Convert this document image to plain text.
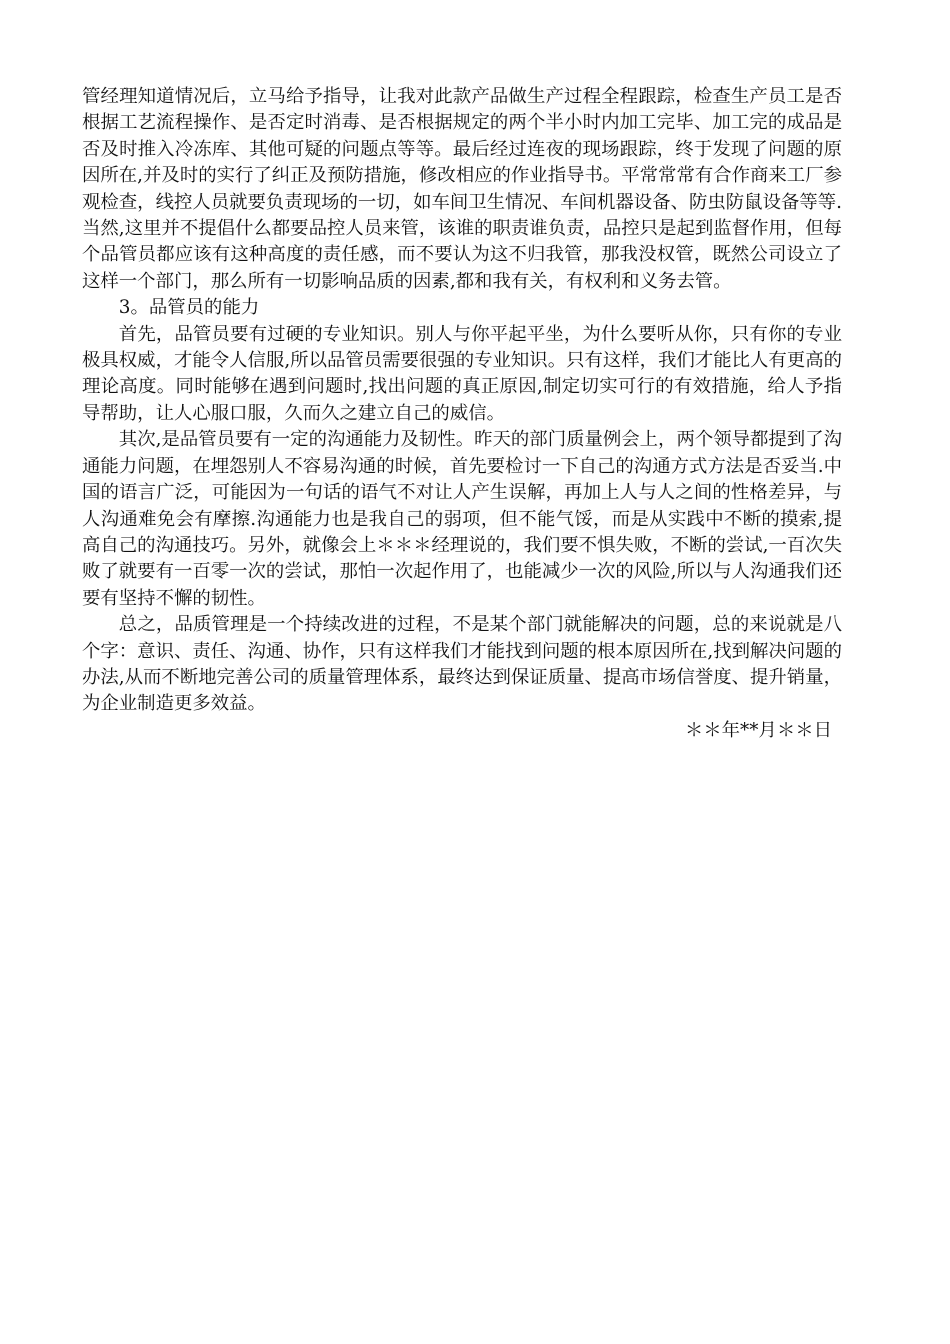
管经理知道情况后，立马给予指导，让我对此款产品做生产过程全程跟踪，检查生产员工是否根据工艺流程操作、是否定时消毒、是否根据规定的两个半小时内加工完毕、加工完的成品是否及时推入冷冻库、其他可疑的问题点等等。最后经过连夜的现场跟踪，终于发现了问题的原因所在,并及时的实行了纠正及预防措施，修改相应的作业指导书。平常常常有合作商来工厂参观检查，线控人员就要负责现场的一切，如车间卫生情况、车间机器设备、防虫防鼠设备等等.当然,这里并不提倡什么都要品控人员来管，该谁的职责谁负责，品控只是起到监督作用，但每个品管员都应该有这种高度的责任感，而不要认为这不归我管，那我没权管，既然公司设立了这样一个部门，那么所有一切影响品质的因素,都和我有关，有权利和义务去管。

3。品管员的能力

首先，品管员要有过硬的专业知识。别人与你平起平坐，为什么要听从你，只有你的专业极具权威，才能令人信服,所以品管员需要很强的专业知识。只有这样，我们才能比人有更高的理论高度。同时能够在遇到问题时,找出问题的真正原因,制定切实可行的有效措施，给人予指导帮助，让人心服口服，久而久之建立自己的威信。

其次,是品管员要有一定的沟通能力及韧性。昨天的部门质量例会上，两个领导都提到了沟通能力问题，在埋怨别人不容易沟通的时候，首先要检讨一下自己的沟通方式方法是否妥当.中国的语言广泛，可能因为一句话的语气不对让人产生误解，再加上人与人之间的性格差异，与人沟通难免会有摩擦.沟通能力也是我自己的弱项，但不能气馁，而是从实践中不断的摸索,提高自己的沟通技巧。另外，就像会上＊＊＊经理说的，我们要不惧失败，不断的尝试,一百次失败了就要有一百零一次的尝试，那怕一次起作用了，也能减少一次的风险,所以与人沟通我们还要有坚持不懈的韧性。

总之，品质管理是一个持续改进的过程，不是某个部门就能解决的问题，总的来说就是八个字：意识、责任、沟通、协作，只有这样我们才能找到问题的根本原因所在,找到解决问题的办法,从而不断地完善公司的质量管理体系，最终达到保证质量、提高市场信誉度、提升销量，为企业制造更多效益。

＊＊年**月＊＊日
